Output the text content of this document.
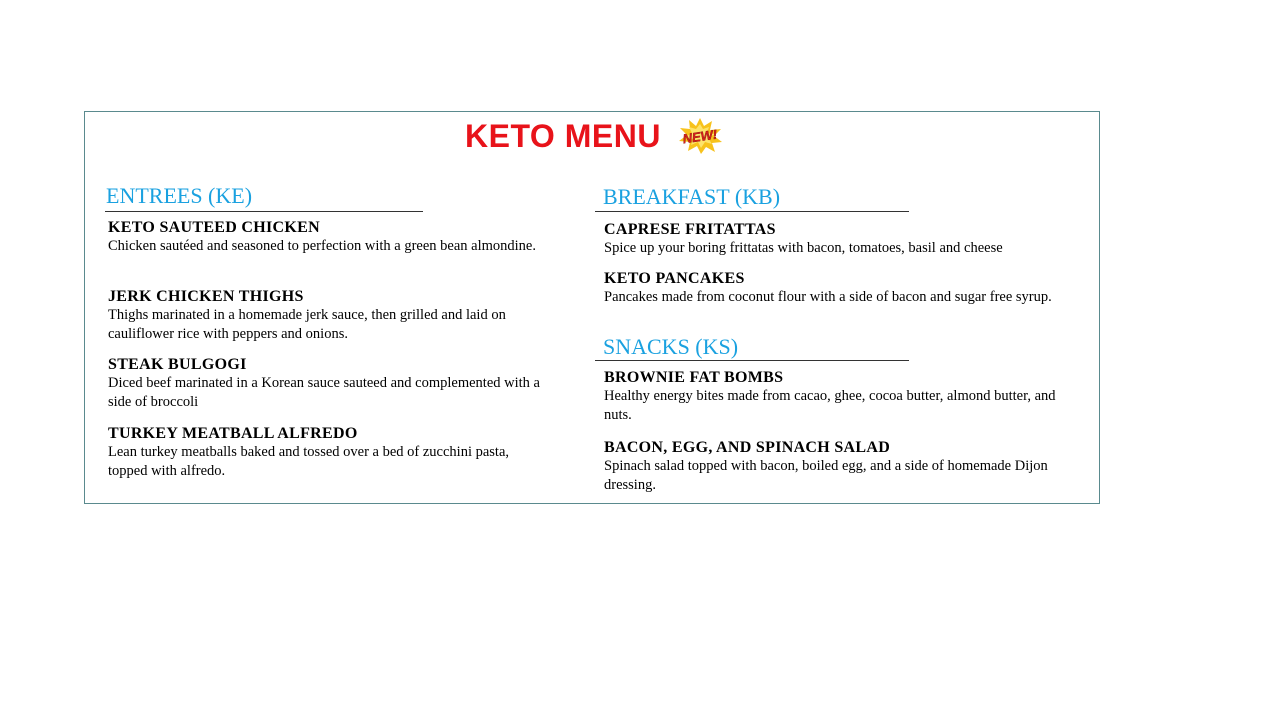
KETO MENU NEW!
ENTREES (KE)
KETO SAUTEED CHICKEN
Chicken sautéed and seasoned to perfection with a green bean almondine.
JERK CHICKEN THIGHS
Thighs marinated in a homemade jerk sauce, then grilled and laid on cauliflower rice with peppers and onions.
STEAK BULGOGI
Diced beef marinated in a Korean sauce sauteed and complemented with a side of broccoli
TURKEY MEATBALL ALFREDO
Lean turkey meatballs baked and tossed over a bed of zucchini pasta, topped with alfredo.
BREAKFAST (KB)
CAPRESE FRITATTAS
Spice up your boring frittatas with bacon, tomatoes, basil and cheese
KETO PANCAKES
Pancakes made from coconut flour with a side of bacon and sugar free syrup.
SNACKS (KS)
BROWNIE FAT BOMBS
Healthy energy bites made from cacao, ghee, cocoa butter, almond butter, and nuts.
BACON, EGG, AND SPINACH SALAD
Spinach salad topped with bacon, boiled egg, and a side of homemade Dijon dressing.
